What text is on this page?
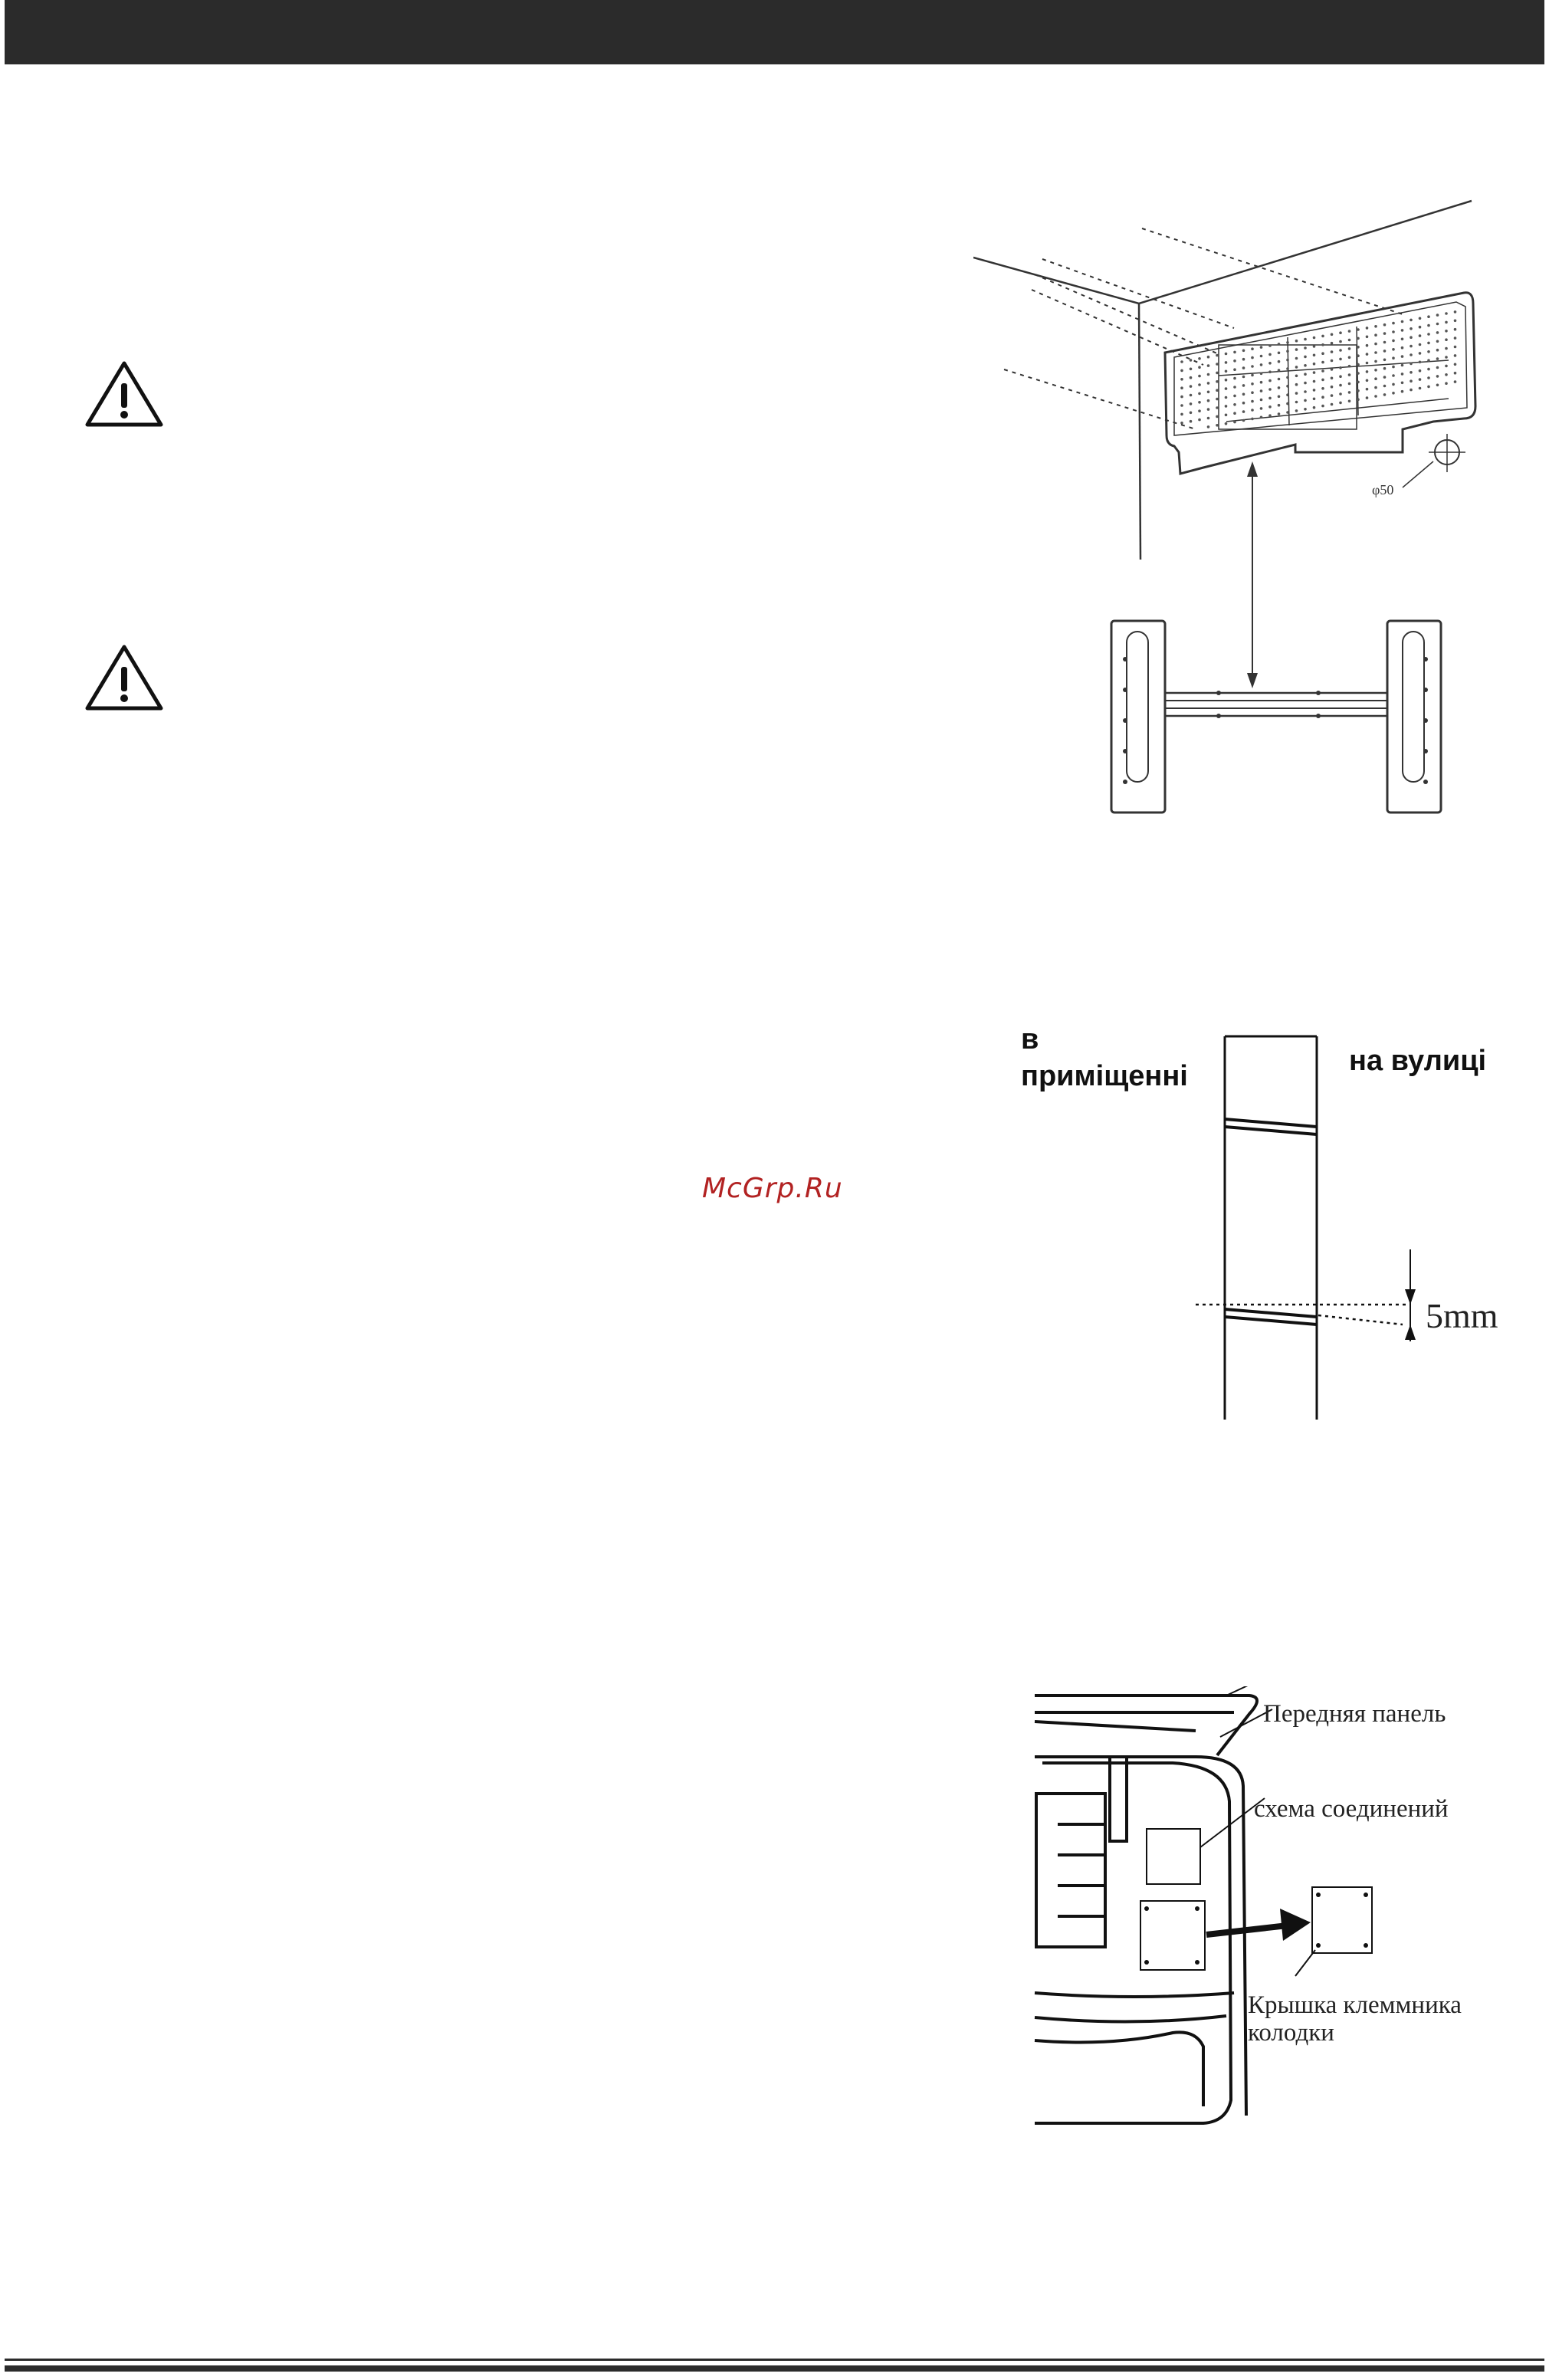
φ50
в
приміщенні	на вулиці
5mm
McGrp.Ru
Передняя панель
схема соединений
Крышка клеммника
колодки
